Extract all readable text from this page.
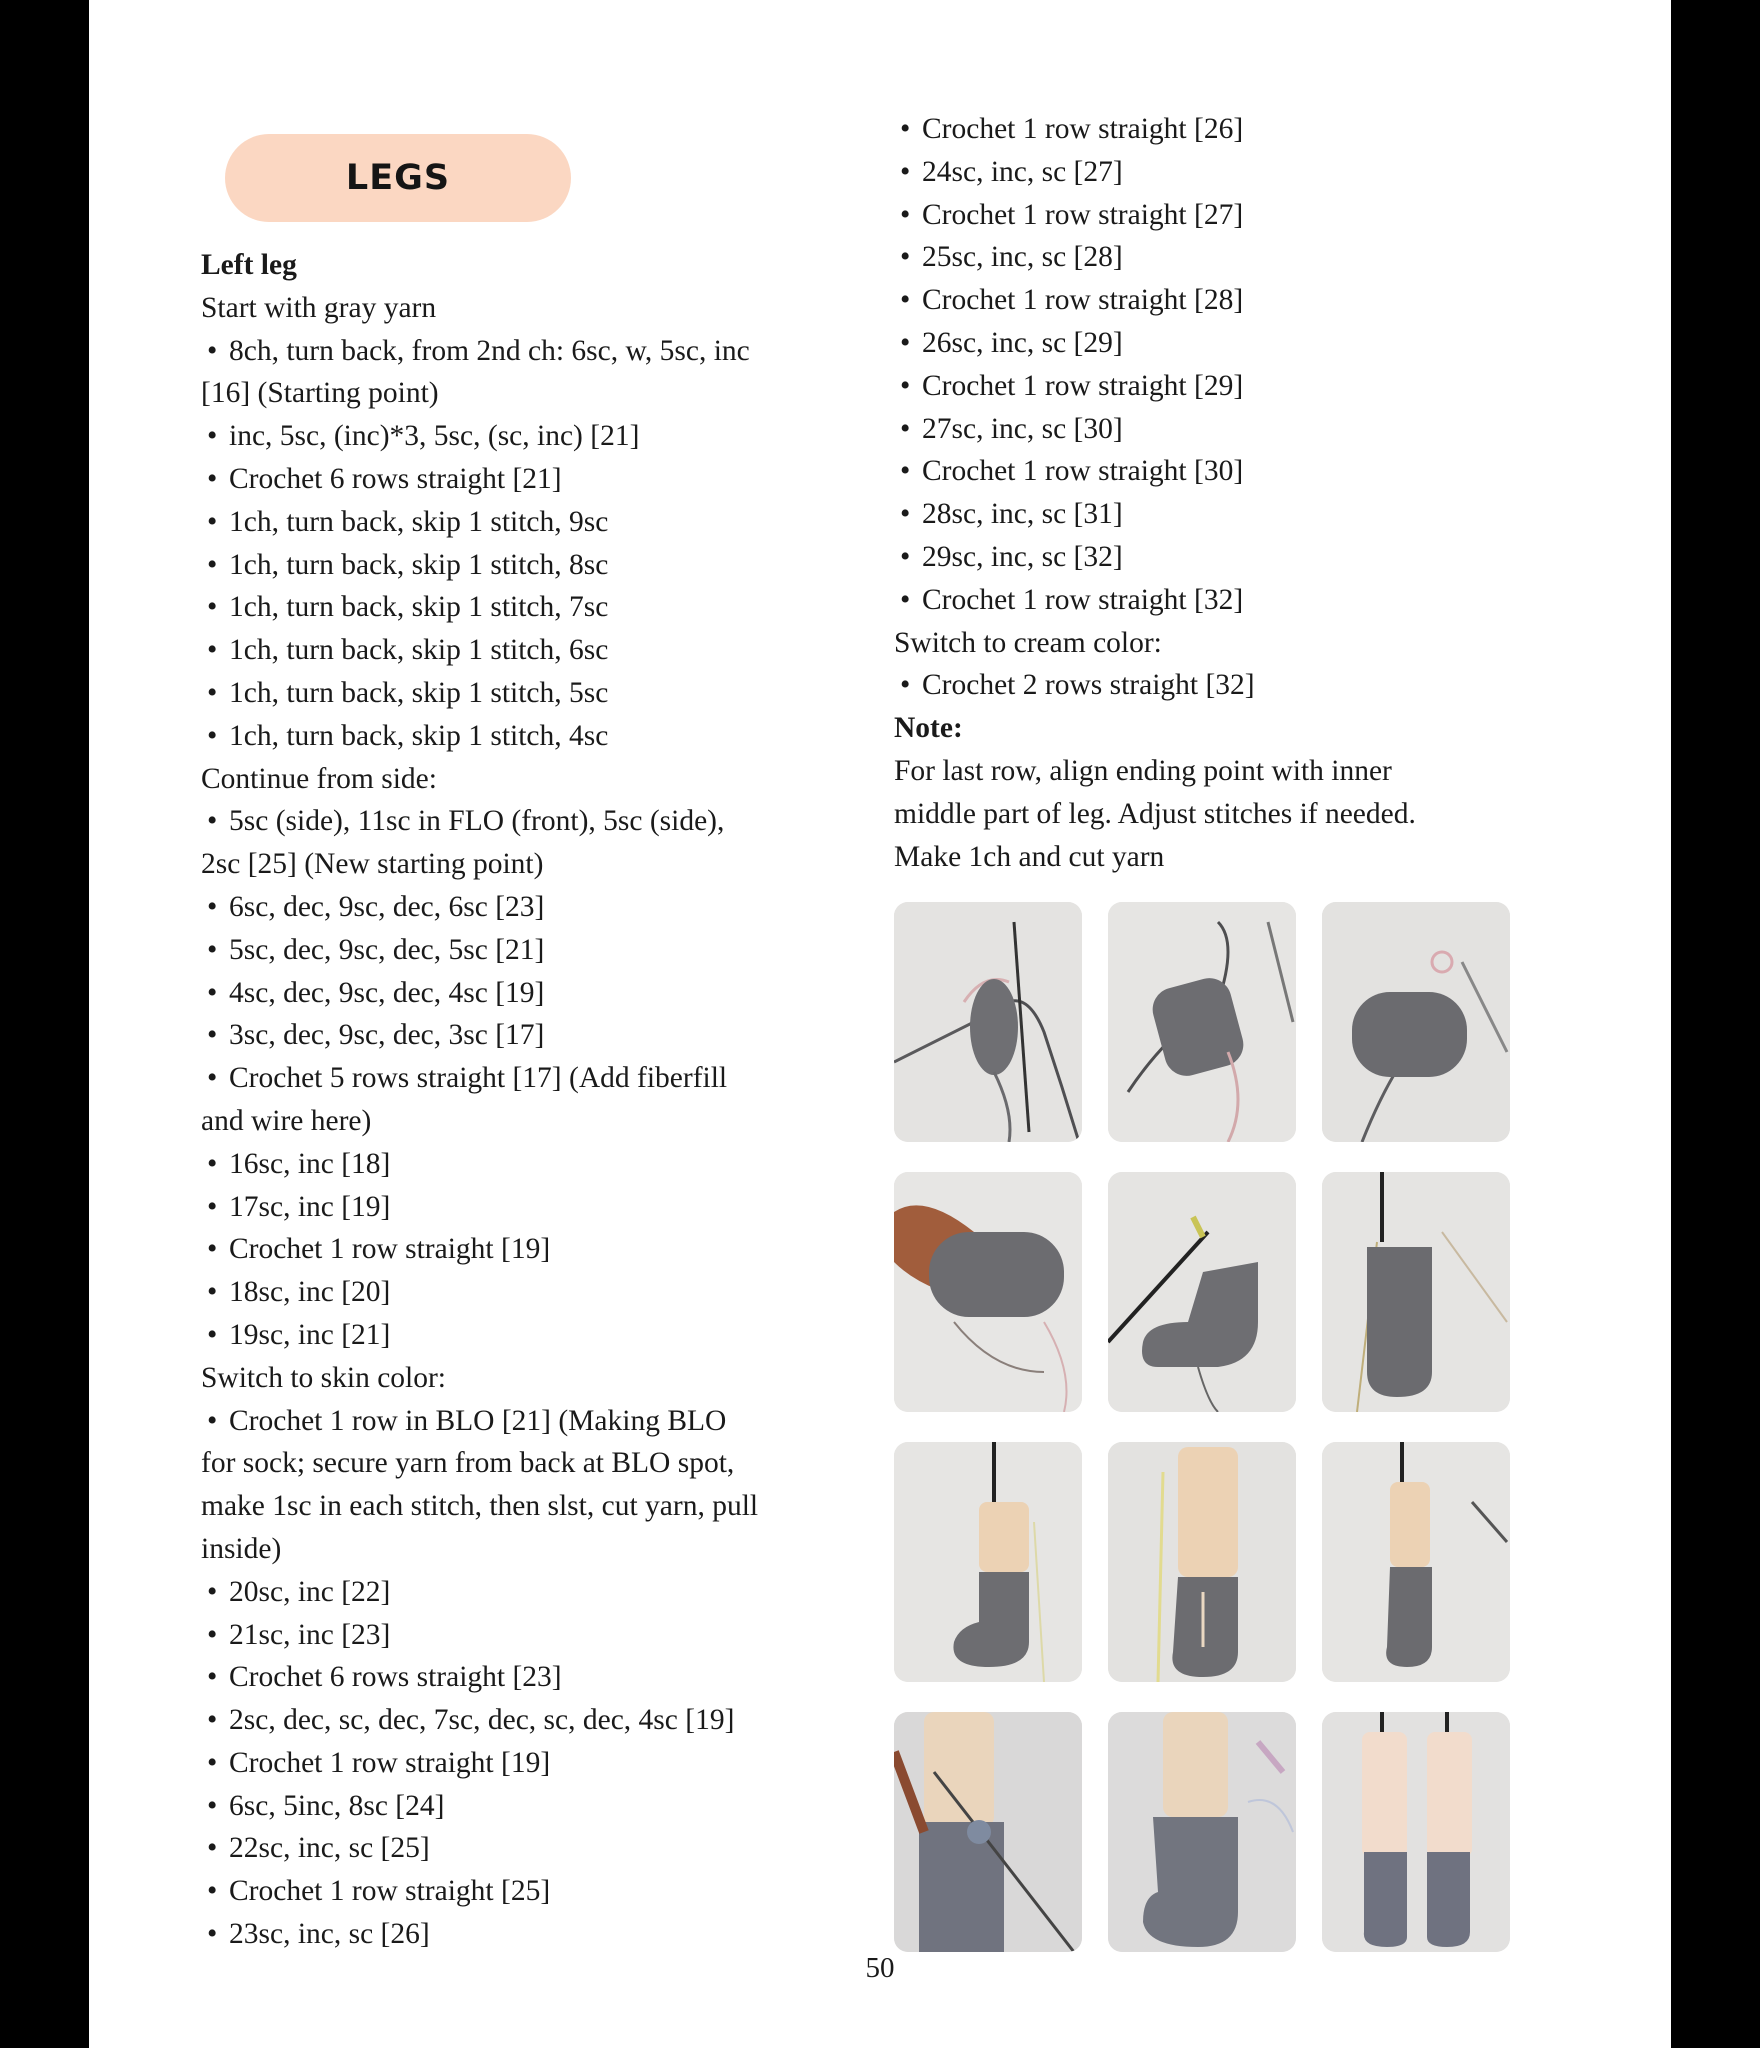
LEGS
Left leg
Start with gray yarn
• 8ch, turn back, from 2nd ch: 6sc, w, 5sc, inc
[16] (Starting point)
• inc, 5sc, (inc)*3, 5sc, (sc, inc) [21]
• Crochet 6 rows straight [21]
• 1ch, turn back, skip 1 stitch, 9sc
• 1ch, turn back, skip 1 stitch, 8sc
• 1ch, turn back, skip 1 stitch, 7sc
• 1ch, turn back, skip 1 stitch, 6sc
• 1ch, turn back, skip 1 stitch, 5sc
• 1ch, turn back, skip 1 stitch, 4sc
Continue from side:
• 5sc (side), 11sc in FLO (front), 5sc (side),
2sc [25] (New starting point)
• 6sc, dec, 9sc, dec, 6sc [23]
• 5sc, dec, 9sc, dec, 5sc [21]
• 4sc, dec, 9sc, dec, 4sc [19]
• 3sc, dec, 9sc, dec, 3sc [17]
• Crochet 5 rows straight [17] (Add fiberfill
and wire here)
• 16sc, inc [18]
• 17sc, inc [19]
• Crochet 1 row straight [19]
• 18sc, inc [20]
• 19sc, inc [21]
Switch to skin color:
• Crochet 1 row in BLO [21] (Making BLO
for sock; secure yarn from back at BLO spot,
make 1sc in each stitch, then slst, cut yarn, pull
inside)
• 20sc, inc [22]
• 21sc, inc [23]
• Crochet 6 rows straight [23]
• 2sc, dec, sc, dec, 7sc, dec, sc, dec, 4sc [19]
• Crochet 1 row straight [19]
• 6sc, 5inc, 8sc [24]
• 22sc, inc, sc [25]
• Crochet 1 row straight [25]
• 23sc, inc, sc [26]
• Crochet 1 row straight [26]
• 24sc, inc, sc [27]
• Crochet 1 row straight [27]
• 25sc, inc, sc [28]
• Crochet 1 row straight [28]
• 26sc, inc, sc [29]
• Crochet 1 row straight [29]
• 27sc, inc, sc [30]
• Crochet 1 row straight [30]
• 28sc, inc, sc [31]
• 29sc, inc, sc [32]
• Crochet 1 row straight [32]
Switch to cream color:
• Crochet 2 rows straight [32]
Note:
For last row, align ending point with inner
middle part of leg. Adjust stitches if needed.
Make 1ch and cut yarn
50
